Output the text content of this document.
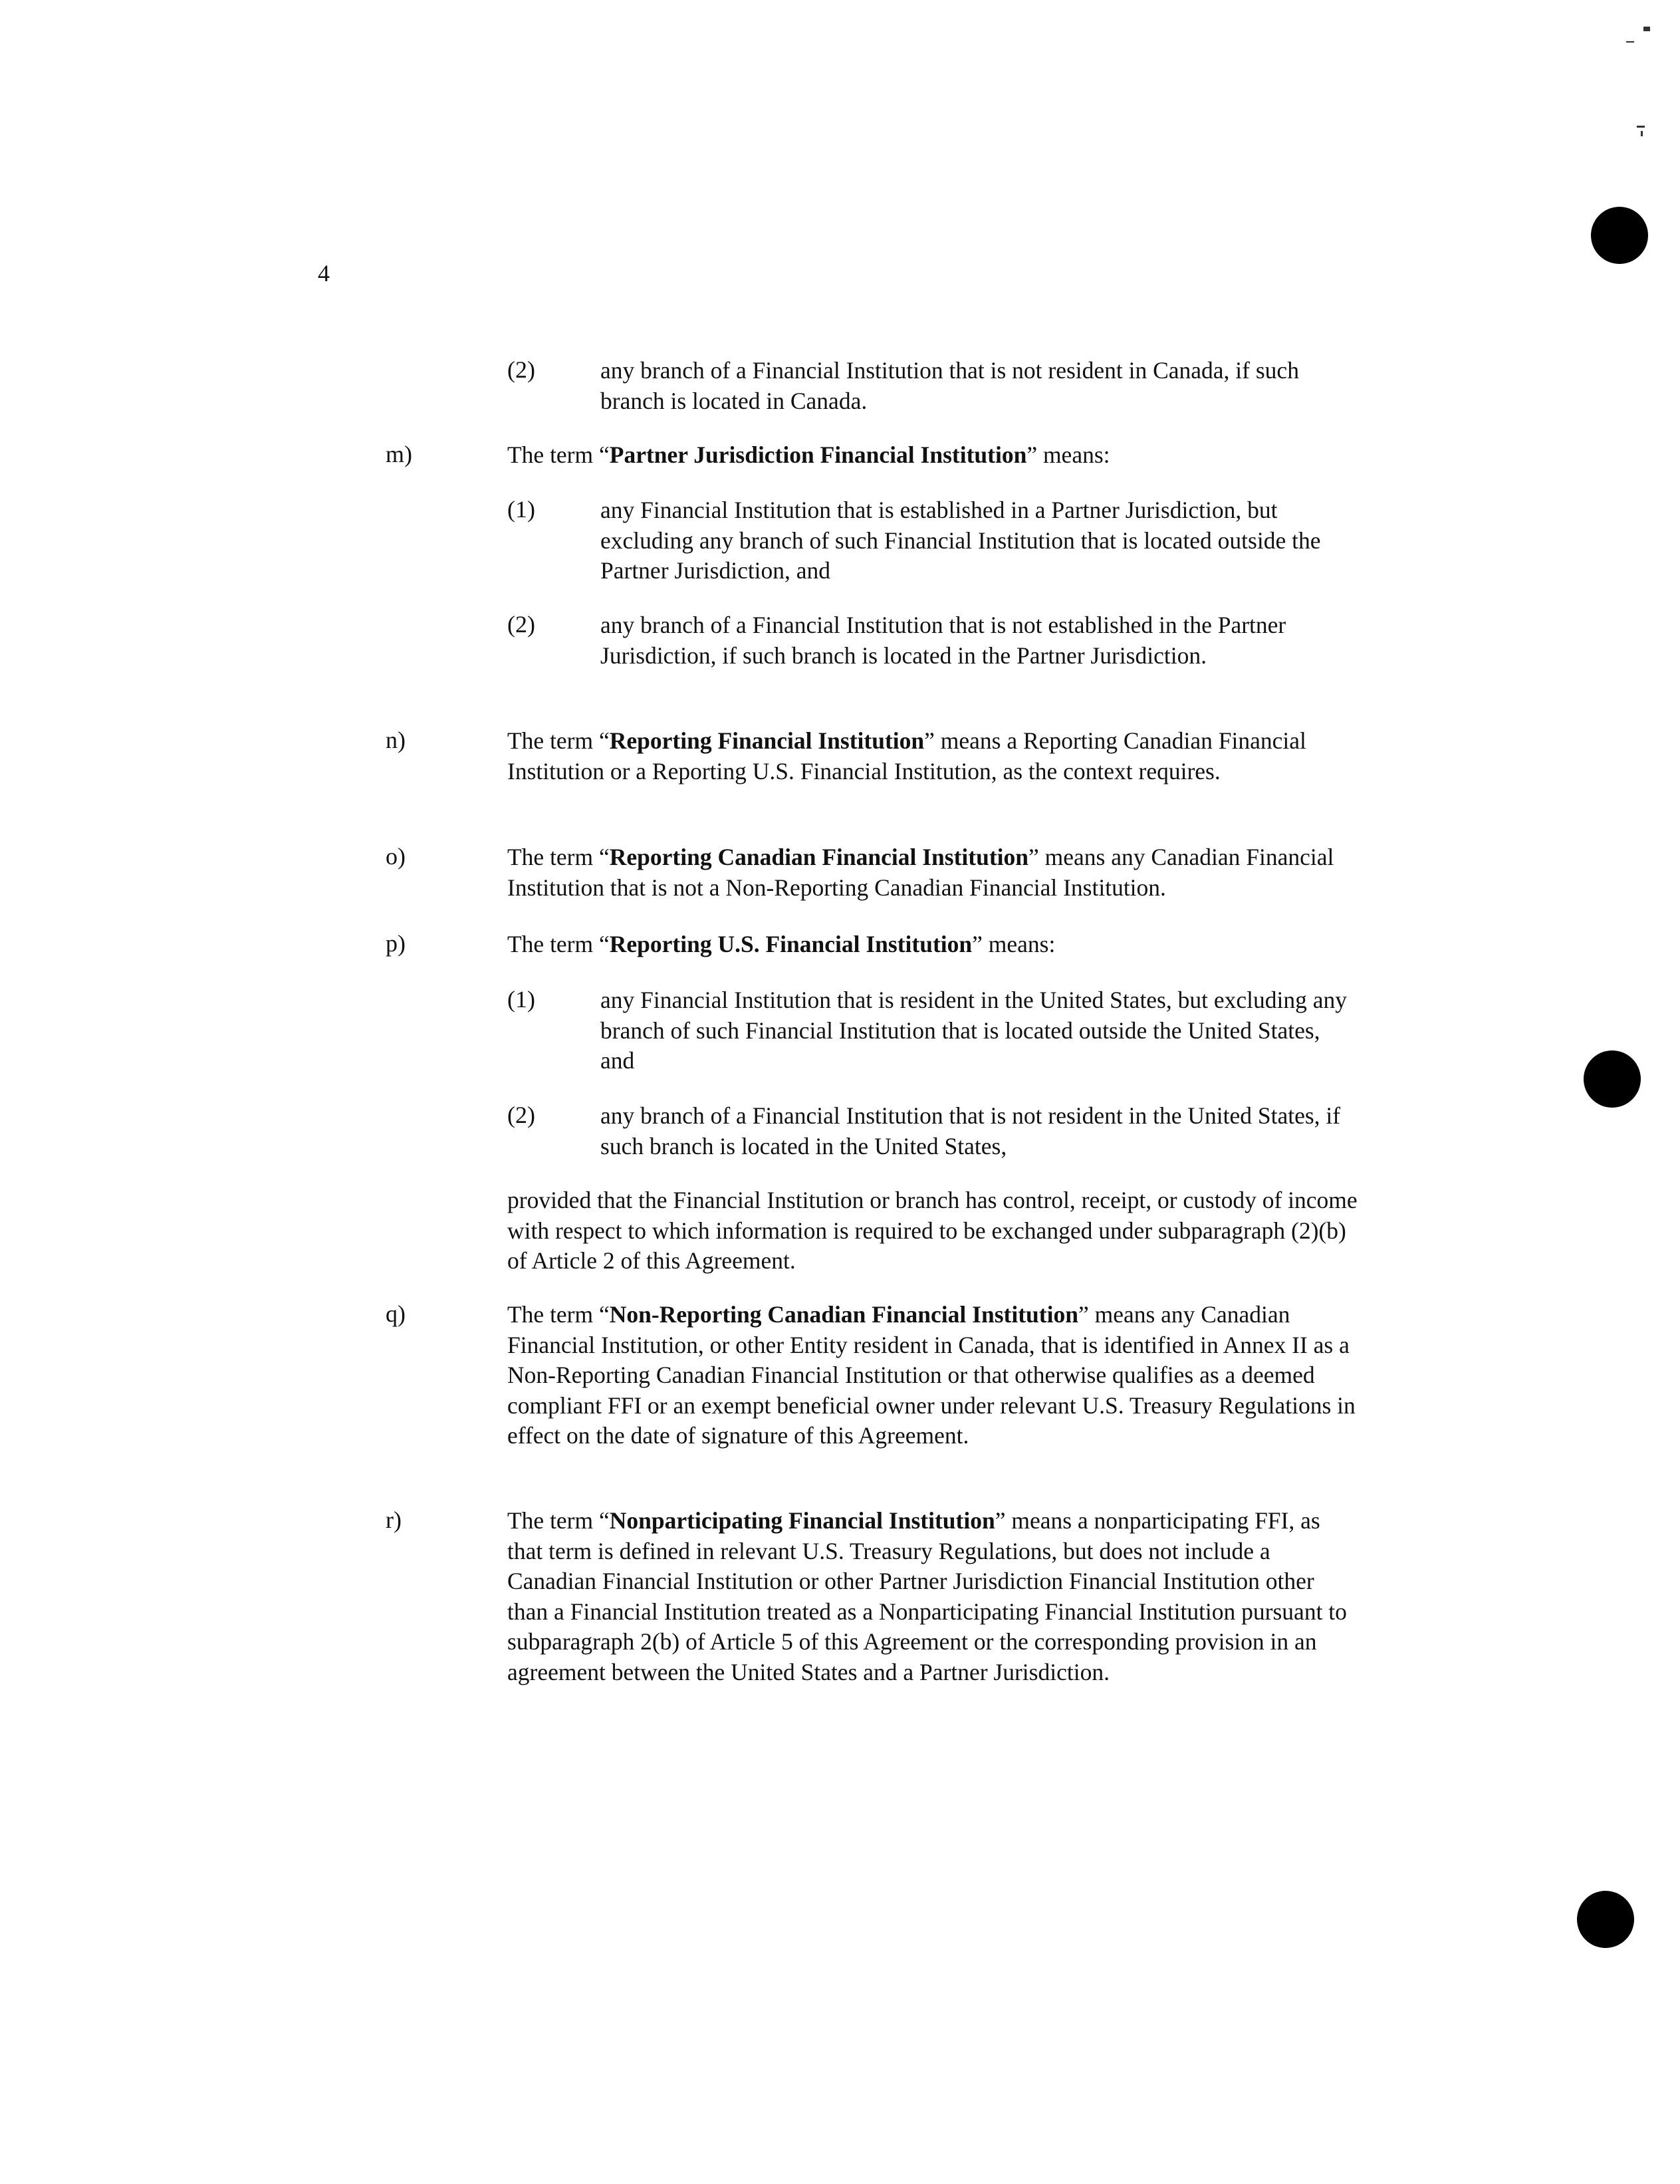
4
(2)	any branch of a Financial Institution that is not resident in Canada, if such branch is located in Canada.

m)	The term “Partner Jurisdiction Financial Institution” means:

(1)	any Financial Institution that is established in a Partner Jurisdiction, but excluding any branch of such Financial Institution that is located outside the Partner Jurisdiction, and

(2)	any branch of a Financial Institution that is not established in the Partner Jurisdiction, if such branch is located in the Partner Jurisdiction.

n)	The term “Reporting Financial Institution” means a Reporting Canadian Financial Institution or a Reporting U.S. Financial Institution, as the context requires.

o)	The term “Reporting Canadian Financial Institution” means any Canadian Financial Institution that is not a Non-Reporting Canadian Financial Institution.

p)	The term “Reporting U.S. Financial Institution” means:

(1)	any Financial Institution that is resident in the United States, but excluding any branch of such Financial Institution that is located outside the United States, and

(2)	any branch of a Financial Institution that is not resident in the United States, if such branch is located in the United States,

provided that the Financial Institution or branch has control, receipt, or custody of income with respect to which information is required to be exchanged under subparagraph (2)(b) of Article 2 of this Agreement.

q)	The term “Non-Reporting Canadian Financial Institution” means any Canadian Financial Institution, or other Entity resident in Canada, that is identified in Annex II as a Non-Reporting Canadian Financial Institution or that otherwise qualifies as a deemed compliant FFI or an exempt beneficial owner under relevant U.S. Treasury Regulations in effect on the date of signature of this Agreement.

r)	The term “Nonparticipating Financial Institution” means a nonparticipating FFI, as that term is defined in relevant U.S. Treasury Regulations, but does not include a Canadian Financial Institution or other Partner Jurisdiction Financial Institution other than a Financial Institution treated as a Nonparticipating Financial Institution pursuant to subparagraph 2(b) of Article 5 of this Agreement or the corresponding provision in an agreement between the United States and a Partner Jurisdiction.
